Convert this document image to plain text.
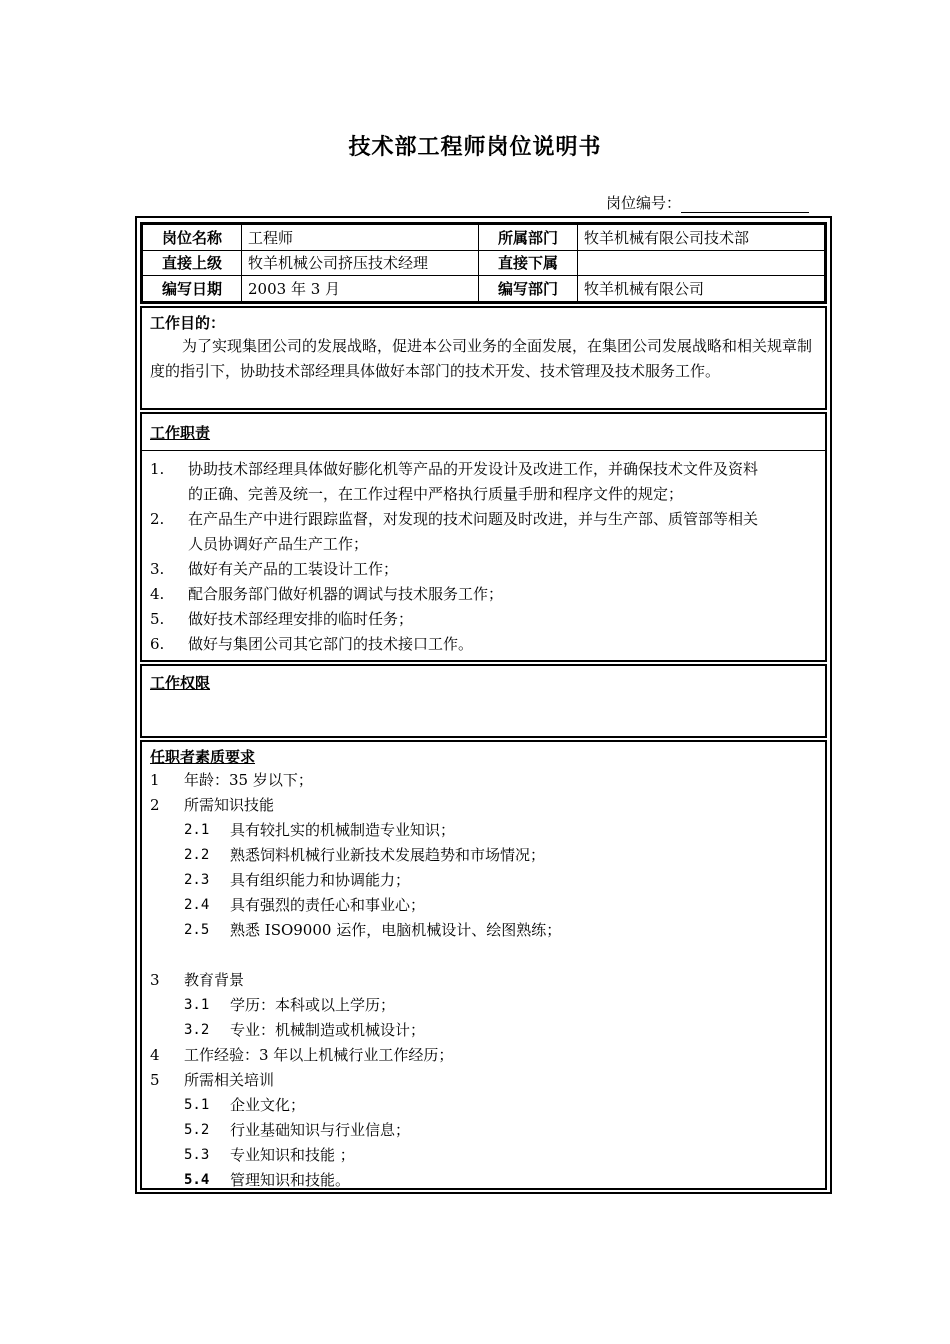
技术部工程师岗位说明书
岗位编号：
岗位名称	工程师	所属部门	牧羊机械有限公司技术部
直接上级	牧羊机械公司挤压技术经理	直接下属	
编写日期	2003 年 3 月	编写部门	牧羊机械有限公司
工作目的：
为了实现集团公司的发展战略，促进本公司业务的全面发展，在集团公司发展战略和相关规章制度的指引下，协助技术部经理具体做好本部门的技术开发、技术管理及技术服务工作。
工作职责
1. 协助技术部经理具体做好膨化机等产品的开发设计及改进工作，并确保技术文件及资料
的正确、完善及统一，在工作过程中严格执行质量手册和程序文件的规定；
2. 在产品生产中进行跟踪监督，对发现的技术问题及时改进，并与生产部、质管部等相关
人员协调好产品生产工作；
3. 做好有关产品的工装设计工作；
4. 配合服务部门做好机器的调试与技术服务工作；
5. 做好技术部经理安排的临时任务；
6. 做好与集团公司其它部门的技术接口工作。
工作权限
任职者素质要求
1 年龄：35 岁以下；
2 所需知识技能
2.1 具有较扎实的机械制造专业知识；
2.2 熟悉饲料机械行业新技术发展趋势和市场情况；
2.3 具有组织能力和协调能力；
2.4 具有强烈的责任心和事业心；
2.5 熟悉 ISO9000 运作，电脑机械设计、绘图熟练；
3 教育背景
3.1 学历：本科或以上学历；
3.2 专业：机械制造或机械设计；
4 工作经验：3 年以上机械行业工作经历；
5 所需相关培训
5.1 企业文化；
5.2 行业基础知识与行业信息；
5.3 专业知识和技能 ；
5.4 管理知识和技能。
